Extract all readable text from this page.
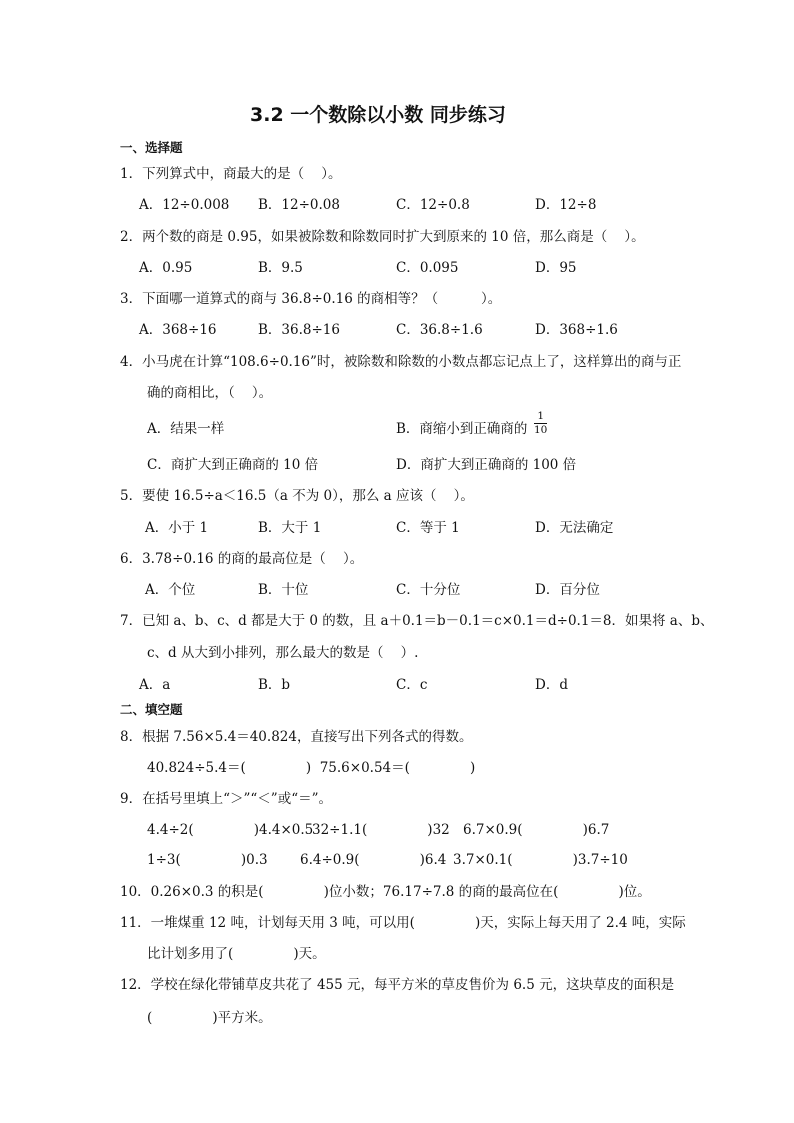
3.2 一个数除以小数 同步练习
一、选择题
1．下列算式中，商最大的是（    ）。
A．12÷0.008 B．12÷0.08	C．12÷0.8	D．12÷8
2．两个数的商是 0.95，如果被除数和除数同时扩大到原来的 10 倍，那么商是（    ）。
A．0.95	B．9.5	C．0.095	D．95
3．下面哪一道算式的商与 36.8÷0.16 的商相等？（          ）。
A．368÷16	B．36.8÷16	C．36.8÷1.6	D．368÷1.6
4．小马虎在计算“108.6÷0.16”时，被除数和除数的小数点都忘记点上了，这样算出的商与正
确的商相比，（    ）。
A．结果一样	B．商缩小到正确商的
1
10
C．商扩大到正确商的 10 倍	D．商扩大到正确商的 100 倍
5．要使 16.5÷a＜16.5（a 不为 0），那么 a 应该（    ）。
A．小于 1	B．大于 1	C．等于 1	D．无法确定
6．3.78÷0.16 的商的最高位是（    ）。
A．个位	B．十位	C．十分位	D．百分位
7．已知 a、b、c、d 都是大于 0 的数，且 a＋0.1＝b－0.1＝c×0.1＝d÷0.1＝8．如果将 a、b、
c、d 从大到小排列，那么最大的数是（    ）.
A．a	B．b	C．c	D．d
二、填空题
8．根据 7.56×5.4＝40.824，直接写出下列各式的得数。
40.824÷5.4＝(              )  75.6×0.54＝(              )
9．在括号里填上“＞”“＜”或“＝”。
4.4÷2(              )4.4×0.5
32÷1.1(              )32 6.7×0.9(              )6.7
1÷3(              )0.3 6.4÷0.9(              )6.4 3.7×0.1(              )3.7÷10
10．0.26×0.3 的积是(              )位小数；76.17÷7.8 的商的最高位在(              )位。
11．一堆煤重 12 吨，计划每天用 3 吨，可以用(              )天，实际上每天用了 2.4 吨，实际
比计划多用了(              )天。
12．学校在绿化带铺草皮共花了 455 元，每平方米的草皮售价为 6.5 元，这块草皮的面积是
(              )平方米。
